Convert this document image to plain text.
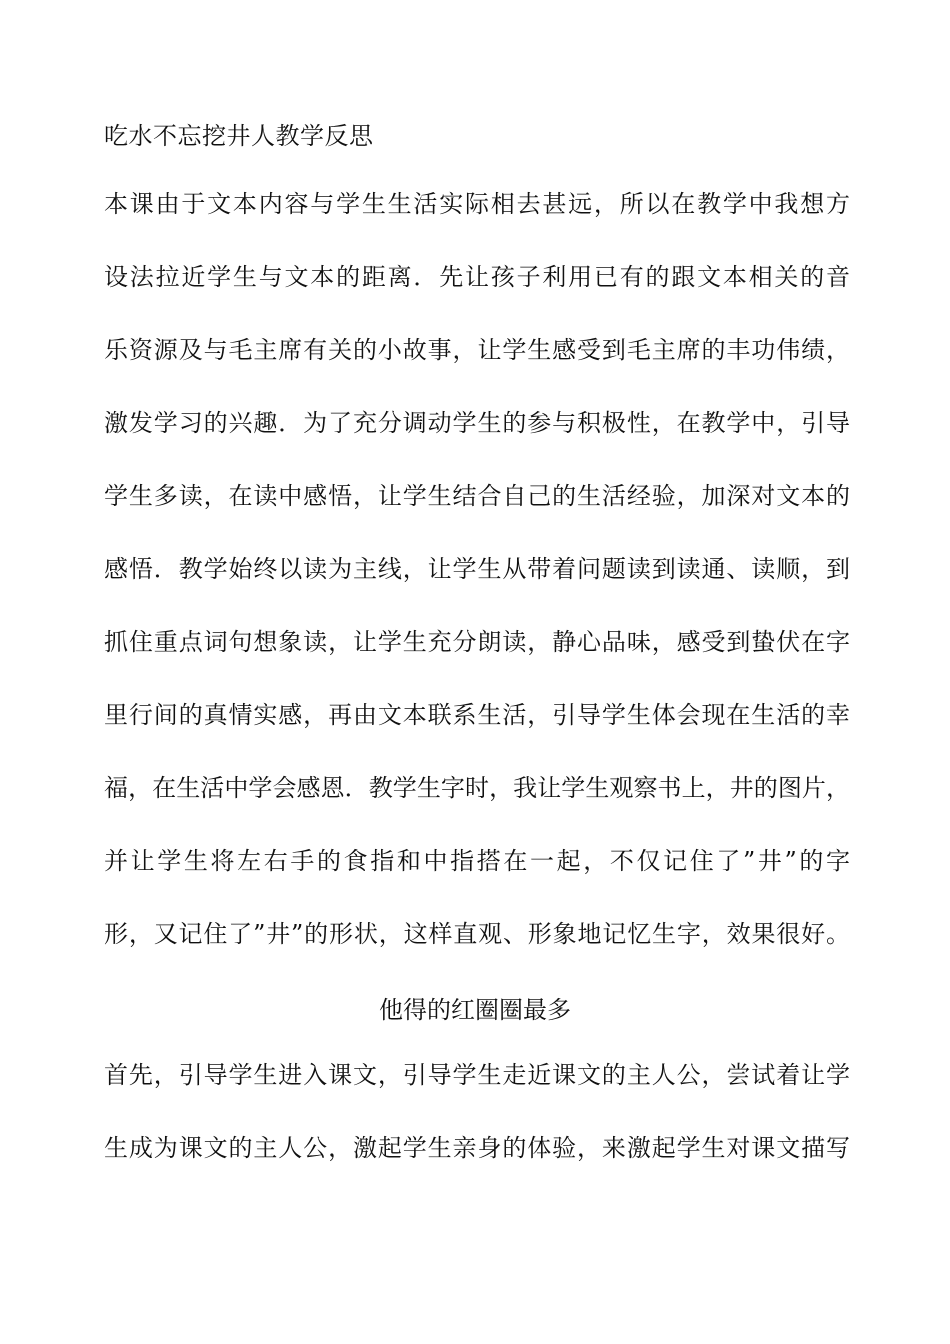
吃水不忘挖井人教学反思
本课由于文本内容与学生生活实际相去甚远，所以在教学中我想方
设法拉近学生与文本的距离．先让孩子利用已有的跟文本相关的音
乐资源及与毛主席有关的小故事，让学生感受到毛主席的丰功伟绩，
激发学习的兴趣．为了充分调动学生的参与积极性，在教学中，引导
学生多读，在读中感悟，让学生结合自己的生活经验，加深对文本的
感悟．教学始终以读为主线，让学生从带着问题读到读通、读顺，到
抓住重点词句想象读，让学生充分朗读，静心品味，感受到蛰伏在字
里行间的真情实感，再由文本联系生活，引导学生体会现在生活的幸
福，在生活中学会感恩．教学生字时，我让学生观察书上，井的图片，
并让学生将左右手的食指和中指搭在一起，不仅记住了”井”的字
形，又记住了”井”的形状，这样直观、形象地记忆生字，效果很好。
他得的红圈圈最多
首先，引导学生进入课文，引导学生走近课文的主人公，尝试着让学
生成为课文的主人公，激起学生亲身的体验，来激起学生对课文描写
